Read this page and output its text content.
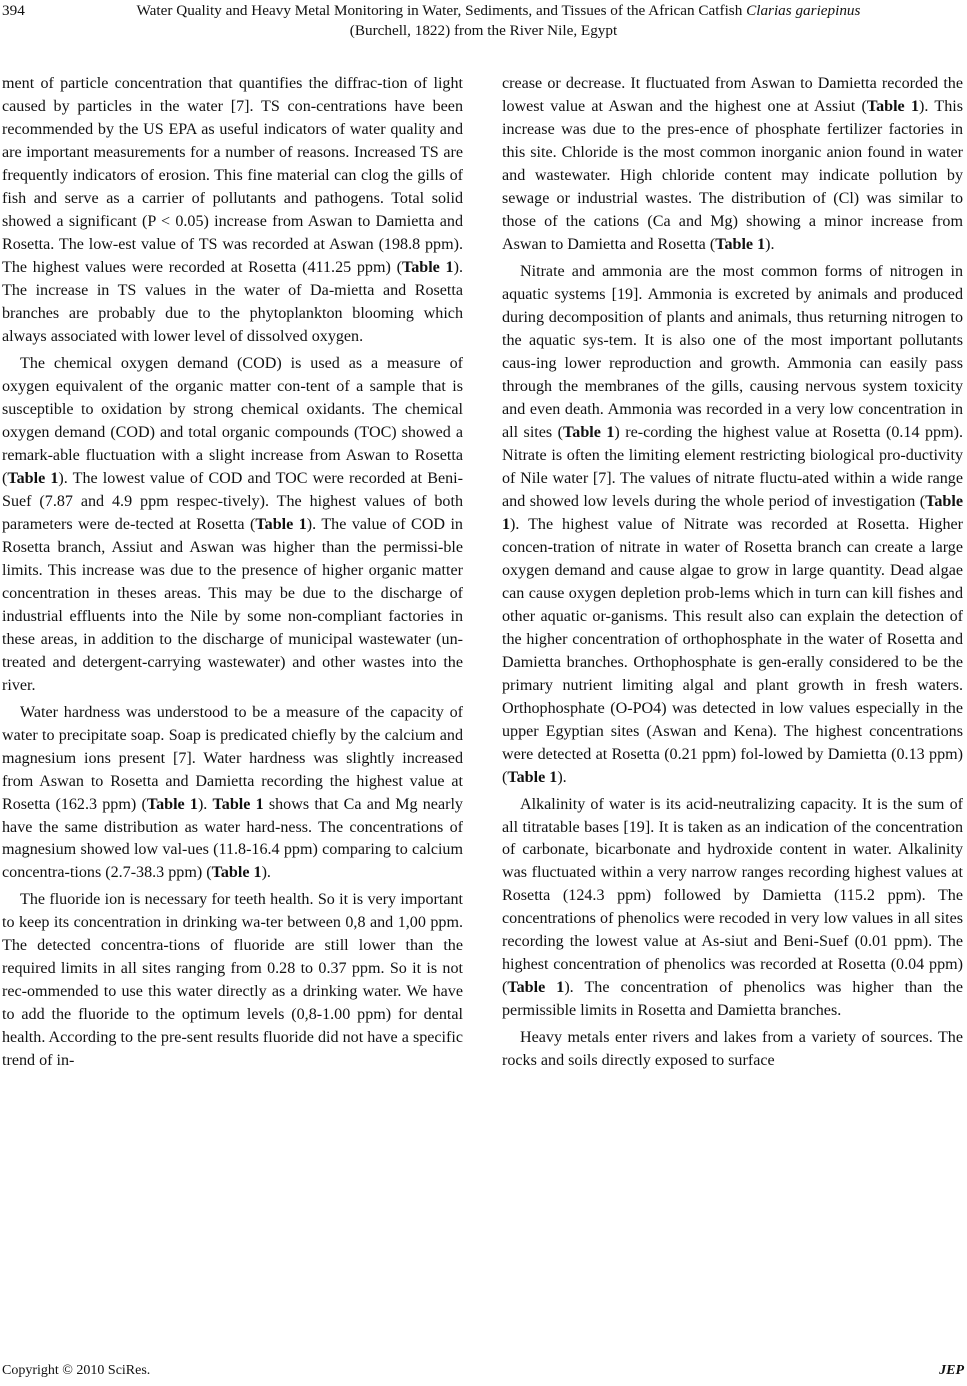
394	Water Quality and Heavy Metal Monitoring in Water, Sediments, and Tissues of the African Catfish Clarias gariepinus
(Burchell, 1822) from the River Nile, Egypt

ment of particle concentration that quantifies the diffrac-tion of light caused by particles in the water [7]. TS con-centrations have been recommended by the US EPA as useful indicators of water quality and are important measurements for a number of reasons. Increased TS are frequently indicators of erosion. This fine material can clog the gills of fish and serve as a carrier of pollutants and pathogens. Total solid showed a significant (P < 0.05) increase from Aswan to Damietta and Rosetta. The low-est value of TS was recorded at Aswan (198.8 ppm). The highest values were recorded at Rosetta (411.25 ppm) (Table 1). The increase in TS values in the water of Da-mietta and Rosetta branches are probably due to the phytoplankton blooming which always associated with lower level of dissolved oxygen.

The chemical oxygen demand (COD) is used as a measure of oxygen equivalent of the organic matter con-tent of a sample that is susceptible to oxidation by strong chemical oxidants. The chemical oxygen demand (COD) and total organic compounds (TOC) showed a remark-able fluctuation with a slight increase from Aswan to Rosetta (Table 1). The lowest value of COD and TOC were recorded at Beni-Suef (7.87 and 4.9 ppm respec-tively). The highest values of both parameters were de-tected at Rosetta (Table 1). The value of COD in Rosetta branch, Assiut and Aswan was higher than the permissi-ble limits. This increase was due to the presence of higher organic matter concentration in theses areas. This may be due to the discharge of industrial effluents into the Nile by some non-compliant factories in these areas, in addition to the discharge of municipal wastewater (un-treated and detergent-carrying wastewater) and other wastes into the river.

Water hardness was understood to be a measure of the capacity of water to precipitate soap. Soap is predicated chiefly by the calcium and magnesium ions present [7]. Water hardness was slightly increased from Aswan to Rosetta and Damietta recording the highest value at Rosetta (162.3 ppm) (Table 1). Table 1 shows that Ca and Mg nearly have the same distribution as water hard-ness. The concentrations of magnesium showed low val-ues (11.8-16.4 ppm) comparing to calcium concentra-tions (2.7-38.3 ppm) (Table 1).

The fluoride ion is necessary for teeth health. So it is very important to keep its concentration in drinking wa-ter between 0,8 and 1,00 ppm. The detected concentra-tions of fluoride are still lower than the required limits in all sites ranging from 0.28 to 0.37 ppm. So it is not rec-ommended to use this water directly as a drinking water. We have to add the fluoride to the optimum levels (0,8-1.00 ppm) for dental health. According to the pre-sent results fluoride did not have a specific trend of in-

crease or decrease. It fluctuated from Aswan to Damietta recorded the lowest value at Aswan and the highest one at Assiut (Table 1). This increase was due to the pres-ence of phosphate fertilizer factories in this site. Chloride is the most common inorganic anion found in water and wastewater. High chloride content may indicate pollution by sewage or industrial wastes. The distribution of (Cl) was similar to those of the cations (Ca and Mg) showing a minor increase from Aswan to Damietta and Rosetta (Table 1).

Nitrate and ammonia are the most common forms of nitrogen in aquatic systems [19]. Ammonia is excreted by animals and produced during decomposition of plants and animals, thus returning nitrogen to the aquatic sys-tem. It is also one of the most important pollutants caus-ing lower reproduction and growth. Ammonia can easily pass through the membranes of the gills, causing nervous system toxicity and even death. Ammonia was recorded in a very low concentration in all sites (Table 1) re-cording the highest value at Rosetta (0.14 ppm). Nitrate is often the limiting element restricting biological pro-ductivity of Nile water [7]. The values of nitrate fluctu-ated within a wide range and showed low levels during the whole period of investigation (Table 1). The highest value of Nitrate was recorded at Rosetta. Higher concen-tration of nitrate in water of Rosetta branch can create a large oxygen demand and cause algae to grow in large quantity. Dead algae can cause oxygen depletion prob-lems which in turn can kill fishes and other aquatic or-ganisms. This result also can explain the detection of the higher concentration of orthophosphate in the water of Rosetta and Damietta branches. Orthophosphate is gen-erally considered to be the primary nutrient limiting algal and plant growth in fresh waters. Orthophosphate (O-PO4) was detected in low values especially in the upper Egyptian sites (Aswan and Kena). The highest concentrations were detected at Rosetta (0.21 ppm) fol-lowed by Damietta (0.13 ppm) (Table 1).

Alkalinity of water is its acid-neutralizing capacity. It is the sum of all titratable bases [19]. It is taken as an indication of the concentration of carbonate, bicarbonate and hydroxide content in water. Alkalinity was fluctuated within a very narrow ranges recording highest values at Rosetta (124.3 ppm) followed by Damietta (115.2 ppm). The concentrations of phenolics were recoded in very low values in all sites recording the lowest value at As-siut and Beni-Suef (0.01 ppm). The highest concentration of phenolics was recorded at Rosetta (0.04 ppm) (Table 1). The concentration of phenolics was higher than the permissible limits in Rosetta and Damietta branches.

Heavy metals enter rivers and lakes from a variety of sources. The rocks and soils directly exposed to surface

Copyright © 2010 SciRes.	JEP
